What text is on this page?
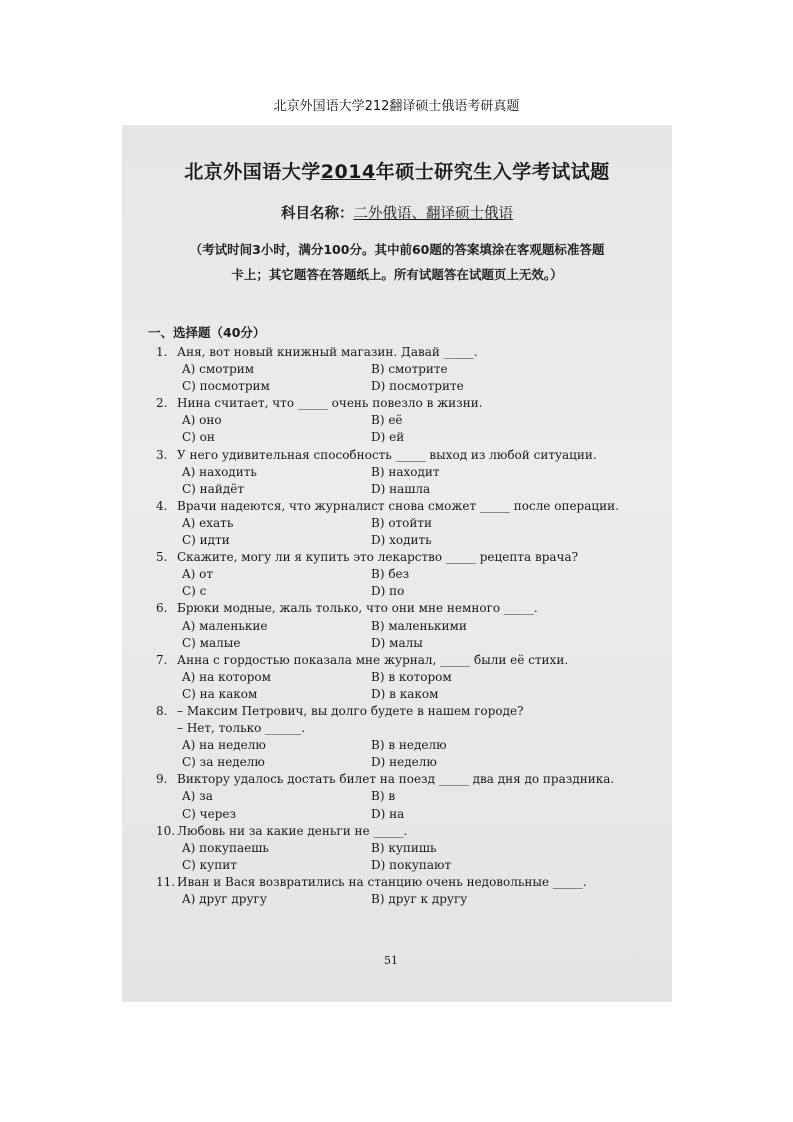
北京外国语大学212翻译硕士俄语考研真题
北京外国语大学2014年硕士研究生入学考试试题
科目名称：二外俄语、翻译硕士俄语
（考试时间3小时，满分100分。其中前60题的答案填涂在客观题标准答题
卡上；其它题答在答题纸上。所有试题答在试题页上无效。）
一、选择题（40分）
1. Аня, вот новый книжный магазин. Давай _____.
A) смотрим	B) смотрите
C) посмотрим	D) посмотрите
2. Нина считает, что _____ очень повезло в жизни.
A) оно	B) её
C) он	D) ей
3. У него удивительная способность _____ выход из любой ситуации.
A) находить	B) находит
C) найдёт	D) нашла
4. Врачи надеются, что журналист снова сможет _____ после операции.
A) ехать	B) отойти
C) идти	D) ходить
5. Скажите, могу ли я купить это лекарство _____ рецепта врача?
A) от	B) без
C) с	D) по
6. Брюки модные, жаль только, что они мне немного _____.
A) маленькие	B) маленькими
C) малые	D) малы
7. Анна с гордостью показала мне журнал, _____ были её стихи.
A) на котором	B) в котором
C) на каком	D) в каком
8. – Максим Петрович, вы долго будете в нашем городе?
– Нет, только ______.
A) на неделю	B) в неделю
C) за неделю	D) неделю
9. Виктору удалось достать билет на поезд _____ два дня до праздника.
A) за	B) в
C) через	D) на
10. Любовь ни за какие деньги не _____.
A) покупаешь	B) купишь
C) купит	D) покупают
11. Иван и Вася возвратились на станцию очень недовольные _____.
A) друг другу	B) друг к другу
51
